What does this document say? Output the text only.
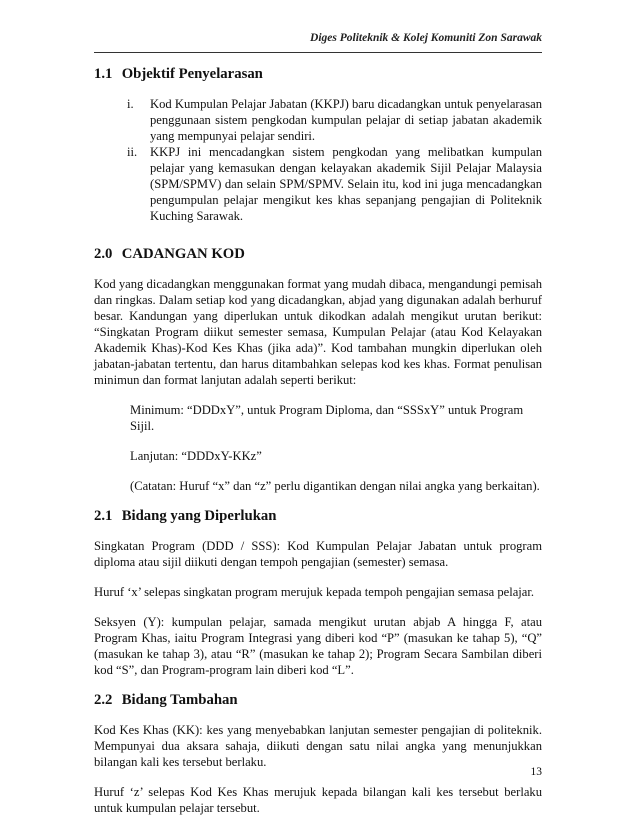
Diges Politeknik & Kolej Komuniti Zon Sarawak
1.1 Objektif Penyelarasan
i. Kod Kumpulan Pelajar Jabatan (KKPJ) baru dicadangkan untuk penyelarasan penggunaan sistem pengkodan kumpulan pelajar di setiap jabatan akademik yang mempunyai pelajar sendiri.
ii. KKPJ ini mencadangkan sistem pengkodan yang melibatkan kumpulan pelajar yang kemasukan dengan kelayakan akademik Sijil Pelajar Malaysia (SPM/SPMV) dan selain SPM/SPMV. Selain itu, kod ini juga mencadangkan pengumpulan pelajar mengikut kes khas sepanjang pengajian di Politeknik Kuching Sarawak.
2.0 CADANGAN KOD

Kod yang dicadangkan menggunakan format yang mudah dibaca, mengandungi pemisah dan ringkas. Dalam setiap kod yang dicadangkan, abjad yang digunakan adalah berhuruf besar. Kandungan yang diperlukan untuk dikodkan adalah mengikut urutan berikut: “Singkatan Program diikut semester semasa, Kumpulan Pelajar (atau Kod Kelayakan Akademik Khas)-Kod Kes Khas (jika ada)”. Kod tambahan mungkin diperlukan oleh jabatan-jabatan tertentu, dan harus ditambahkan selepas kod kes khas. Format penulisan minimun dan format lanjutan adalah seperti berikut:

Minimum: “DDDxY”, untuk Program Diploma, dan “SSSxY” untuk Program Sijil.

Lanjutan: “DDDxY-KKz”

(Catatan: Huruf “x” dan “z” perlu digantikan dengan nilai angka yang berkaitan).

2.1 Bidang yang Diperlukan

Singkatan Program (DDD / SSS): Kod Kumpulan Pelajar Jabatan untuk program diploma atau sijil diikuti dengan tempoh pengajian (semester) semasa.

Huruf ‘x’ selepas singkatan program merujuk kepada tempoh pengajian semasa pelajar.

Seksyen (Y): kumpulan pelajar, samada mengikut urutan abjab A hingga F, atau Program Khas, iaitu Program Integrasi yang diberi kod “P” (masukan ke tahap 5), “Q” (masukan ke tahap 3), atau “R” (masukan ke tahap 2); Program Secara Sambilan diberi kod “S”, dan Program-program lain diberi kod “L”.

2.2 Bidang Tambahan

Kod Kes Khas (KK): kes yang menyebabkan lanjutan semester pengajian di politeknik. Mempunyai dua aksara sahaja, diikuti dengan satu nilai angka yang menunjukkan bilangan kali kes tersebut berlaku.

Huruf ‘z’ selepas Kod Kes Khas merujuk kepada bilangan kali kes tersebut berlaku untuk kumpulan pelajar tersebut.

13
